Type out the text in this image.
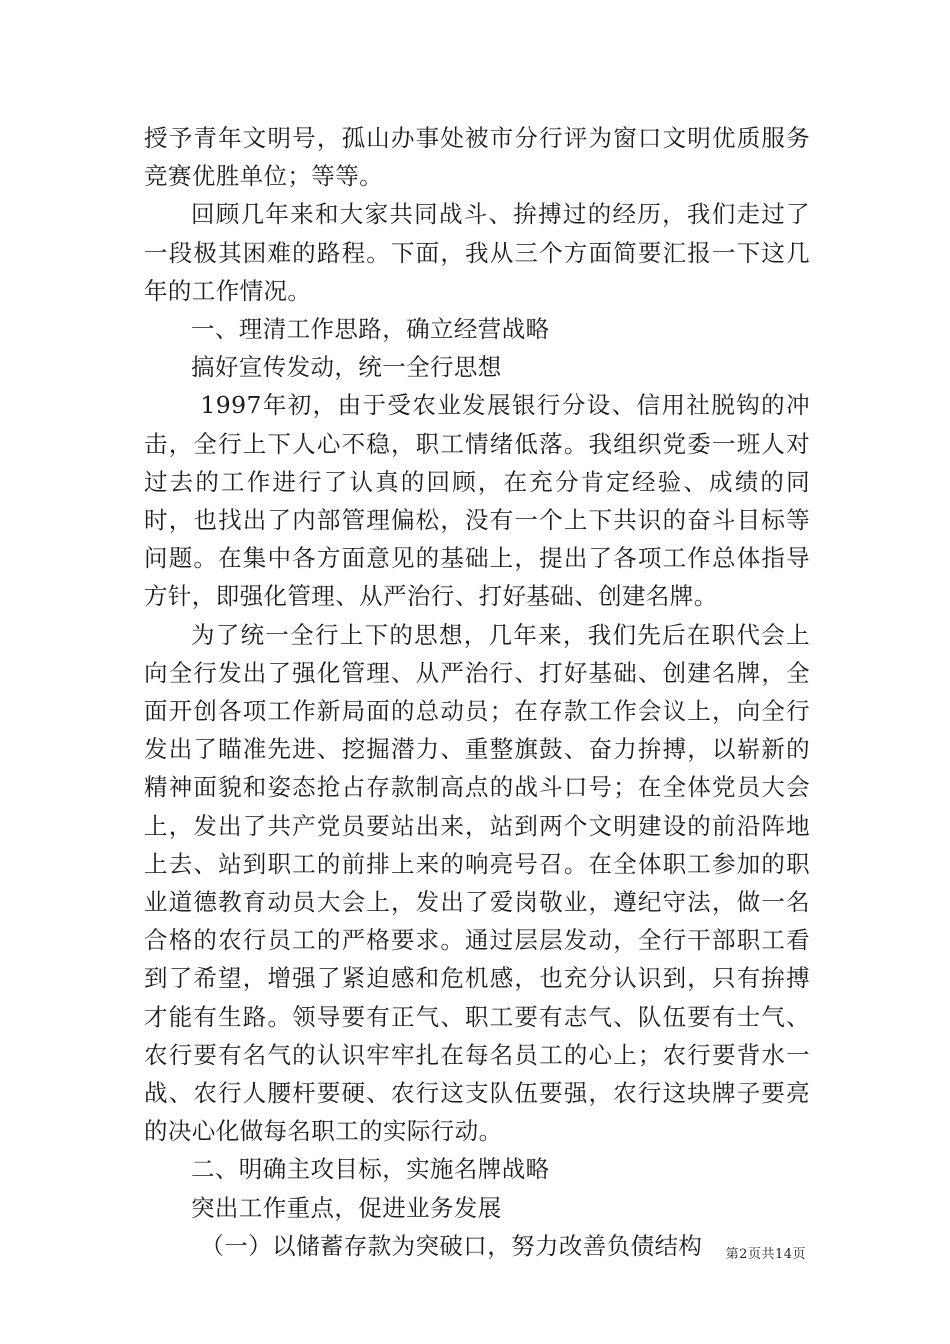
授予青年文明号，孤山办事处被市分行评为窗口文明优质服务竞赛优胜单位；等等。

回顾几年来和大家共同战斗、拚搏过的经历，我们走过了一段极其困难的路程。下面，我从三个方面简要汇报一下这几年的工作情况。

一、理清工作思路，确立经营战略

搞好宣传发动，统一全行思想

1997年初，由于受农业发展银行分设、信用社脱钩的冲击，全行上下人心不稳，职工情绪低落。我组织党委一班人对过去的工作进行了认真的回顾，在充分肯定经验、成绩的同时，也找出了内部管理偏松，没有一个上下共识的奋斗目标等问题。在集中各方面意见的基础上，提出了各项工作总体指导方针，即强化管理、从严治行、打好基础、创建名牌。

为了统一全行上下的思想，几年来，我们先后在职代会上向全行发出了强化管理、从严治行、打好基础、创建名牌，全面开创各项工作新局面的总动员；在存款工作会议上，向全行发出了瞄准先进、挖掘潜力、重整旗鼓、奋力拚搏，以崭新的精神面貌和姿态抢占存款制高点的战斗口号；在全体党员大会上，发出了共产党员要站出来，站到两个文明建设的前沿阵地上去、站到职工的前排上来的响亮号召。在全体职工参加的职业道德教育动员大会上，发出了爱岗敬业，遵纪守法，做一名合格的农行员工的严格要求。通过层层发动，全行干部职工看到了希望，增强了紧迫感和危机感，也充分认识到，只有拚搏才能有生路。领导要有正气、职工要有志气、队伍要有士气、农行要有名气的认识牢牢扎在每名员工的心上；农行要背水一战、农行人腰杆要硬、农行这支队伍要强，农行这块牌子要亮的决心化做每名职工的实际行动。

二、明确主攻目标，实施名牌战略

突出工作重点，促进业务发展

（一）以储蓄存款为突破口，努力改善负债结构	第2页共14页
